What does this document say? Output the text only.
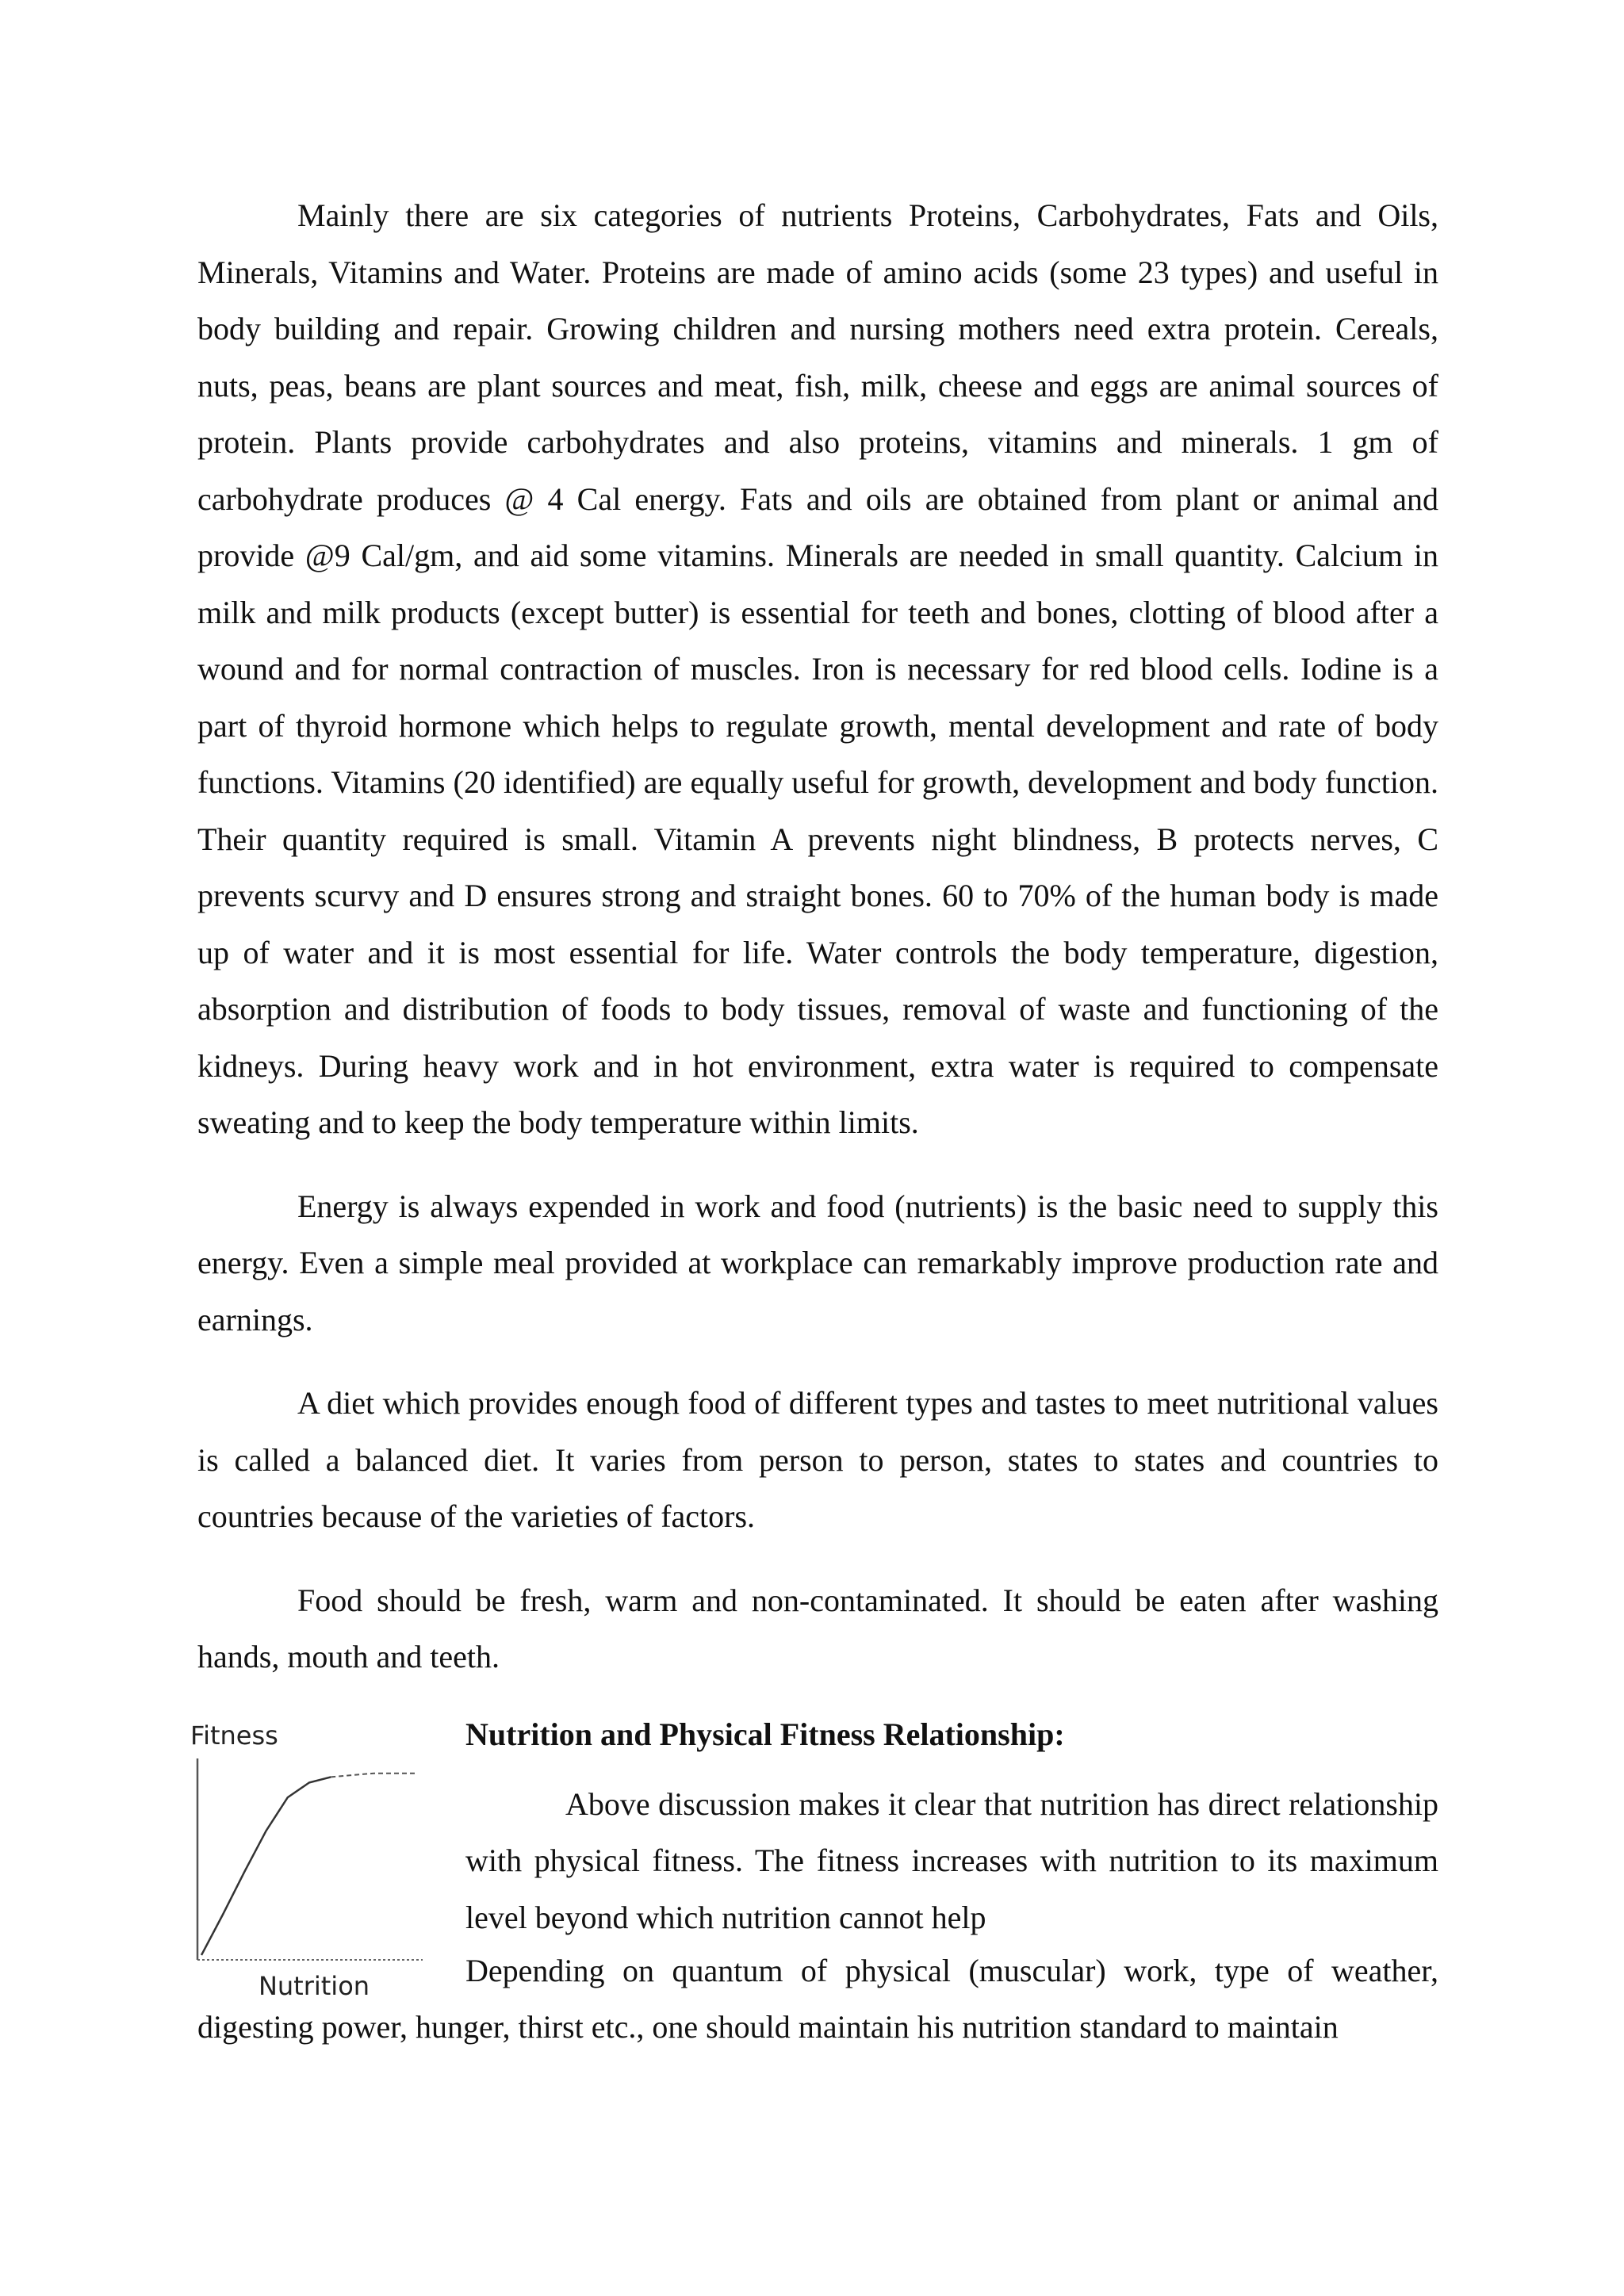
Mainly there are six categories of nutrients Proteins, Carbohydrates, Fats and Oils, Minerals, Vitamins and Water. Proteins are made of amino acids (some 23 types) and useful in body building and repair. Growing children and nursing mothers need extra protein. Cereals, nuts, peas, beans are plant sources and meat, fish, milk, cheese and eggs are animal sources of protein. Plants provide carbohydrates and also proteins, vitamins and minerals. 1 gm of carbohydrate produces @ 4 Cal energy. Fats and oils are obtained from plant or animal and provide @9 Cal/gm, and aid some vitamins. Minerals are needed in small quantity. Calcium in milk and milk products (except butter) is essential for teeth and bones, clotting of blood after a wound and for normal contraction of muscles. Iron is necessary for red blood cells. Iodine is a part of thyroid hormone which helps to regulate growth, mental development and rate of body functions. Vitamins (20 identified) are equally useful for growth, development and body function. Their quantity required is small. Vitamin A prevents night blindness, B protects nerves, C prevents scurvy and D ensures strong and straight bones. 60 to 70% of the human body is made up of water and it is most essential for life. Water controls the body temperature, digestion, absorption and distribution of foods to body tissues, removal of waste and functioning of the kidneys. During heavy work and in hot environment, extra water is required to compensate sweating and to keep the body temperature within limits.

Energy is always expended in work and food (nutrients) is the basic need to supply this energy. Even a simple meal provided at workplace can remarkably improve production rate and earnings.

A diet which provides enough food of different types and tastes to meet nutritional values is called a balanced diet. It varies from person to person, states to states and countries to countries because of the varieties of factors.

Food should be fresh, warm and non-contaminated. It should be eaten after washing hands, mouth and teeth.

Fitness
Nutrition
Nutrition and Physical Fitness Relationship:

Above discussion makes it clear that nutrition has direct relationship with physical fitness. The fitness increases with nutrition to its maximum level beyond which nutrition cannot help

Depending on quantum of physical (muscular) work, type of weather, digesting power, hunger, thirst etc., one should maintain his nutrition standard to maintain
